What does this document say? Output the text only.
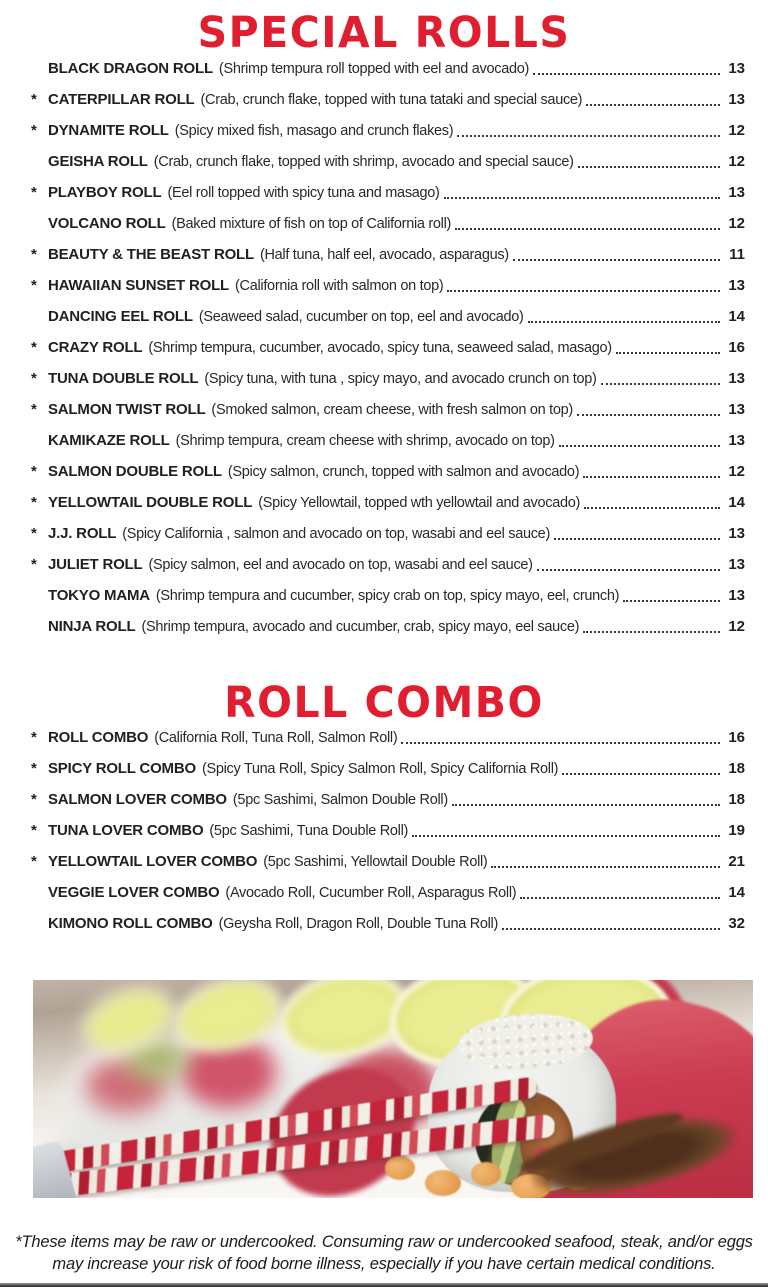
SPECIAL ROLLS
BLACK DRAGON ROLL (Shrimp tempura roll topped with eel and avocado)	13
* CATERPILLAR ROLL (Crab, crunch flake, topped with tuna tataki and special sauce)	13
* DYNAMITE ROLL (Spicy mixed fish, masago and crunch flakes)	12
GEISHA ROLL (Crab, crunch flake, topped with shrimp, avocado and special sauce)	12
* PLAYBOY ROLL (Eel roll topped with spicy tuna and masago)	13
VOLCANO ROLL (Baked mixture of fish on top of California roll)	12
* BEAUTY & THE BEAST ROLL (Half tuna, half eel, avocado, asparagus)	11
* HAWAIIAN SUNSET ROLL (California roll with salmon on top)	13
DANCING EEL ROLL (Seaweed salad, cucumber on top, eel and avocado)	14
* CRAZY ROLL (Shrimp tempura, cucumber, avocado, spicy tuna, seaweed salad, masago)	16
* TUNA DOUBLE ROLL (Spicy tuna, with tuna , spicy mayo, and avocado crunch on top)	13
* SALMON TWIST ROLL (Smoked salmon, cream cheese, with fresh salmon on top)	13
KAMIKAZE ROLL (Shrimp tempura, cream cheese with shrimp, avocado on top)	13
* SALMON DOUBLE ROLL (Spicy salmon, crunch, topped with salmon and avocado)	12
* YELLOWTAIL DOUBLE ROLL (Spicy Yellowtail, topped wth yellowtail and avocado)	14
* J.J. ROLL (Spicy California , salmon and avocado on top, wasabi and eel sauce)	13
* JULIET ROLL (Spicy salmon, eel and avocado on top, wasabi and eel sauce)	13
TOKYO MAMA (Shrimp tempura and cucumber, spicy crab on top, spicy mayo, eel, crunch)	13
NINJA ROLL (Shrimp tempura, avocado and cucumber, crab, spicy mayo, eel sauce)	12
ROLL COMBO
* ROLL COMBO (California Roll, Tuna Roll, Salmon Roll)	16
* SPICY ROLL COMBO (Spicy Tuna Roll, Spicy Salmon Roll, Spicy California Roll)	18
* SALMON LOVER COMBO (5pc Sashimi, Salmon Double Roll)	18
* TUNA LOVER COMBO (5pc Sashimi, Tuna Double Roll)	19
* YELLOWTAIL LOVER COMBO (5pc Sashimi, Yellowtail Double Roll)	21
VEGGIE LOVER COMBO (Avocado Roll, Cucumber Roll, Asparagus Roll)	14
KIMONO ROLL COMBO (Geysha Roll, Dragon Roll, Double Tuna Roll)	32

*These items may be raw or undercooked. Consuming raw or undercooked seafood, steak, and/or eggs
may increase your risk of food borne illness, especially if you have certain medical conditions.
